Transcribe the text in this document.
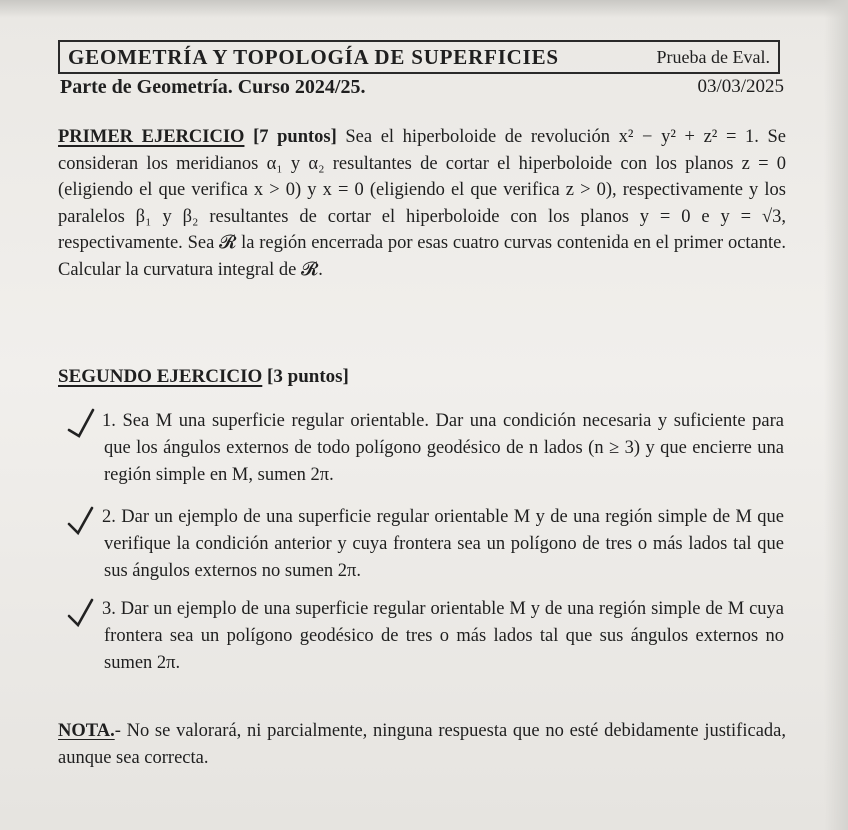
GEOMETRÍA Y TOPOLOGÍA DE SUPERFICIES	Prueba de Eval.
Parte de Geometría. Curso 2024/25.	03/03/2025
PRIMER EJERCICIO [7 puntos] Sea el hiperboloide de revolución x² − y² + z² = 1. Se consideran los meridianos α₁ y α₂ resultantes de cortar el hiperboloide con los planos z = 0 (eligiendo el que verifica x > 0) y x = 0 (eligiendo el que verifica z > 0), respectivamente y los paralelos β₁ y β₂ resultantes de cortar el hiperboloide con los planos y = 0 e y = √3, respectivamente. Sea 𝓡 la región encerrada por esas cuatro curvas contenida en el primer octante. Calcular la curvatura integral de 𝓡.
SEGUNDO EJERCICIO [3 puntos]
1. Sea M una superficie regular orientable. Dar una condición necesaria y suficiente para que los ángulos externos de todo polígono geodésico de n lados (n ≥ 3) y que encierre una región simple en M, sumen 2π.
2. Dar un ejemplo de una superficie regular orientable M y de una región simple de M que verifique la condición anterior y cuya frontera sea un polígono de tres o más lados tal que sus ángulos externos no sumen 2π.
3. Dar un ejemplo de una superficie regular orientable M y de una región simple de M cuya frontera sea un polígono geodésico de tres o más lados tal que sus ángulos externos no sumen 2π.
NOTA.- No se valorará, ni parcialmente, ninguna respuesta que no esté debidamente justificada, aunque sea correcta.
